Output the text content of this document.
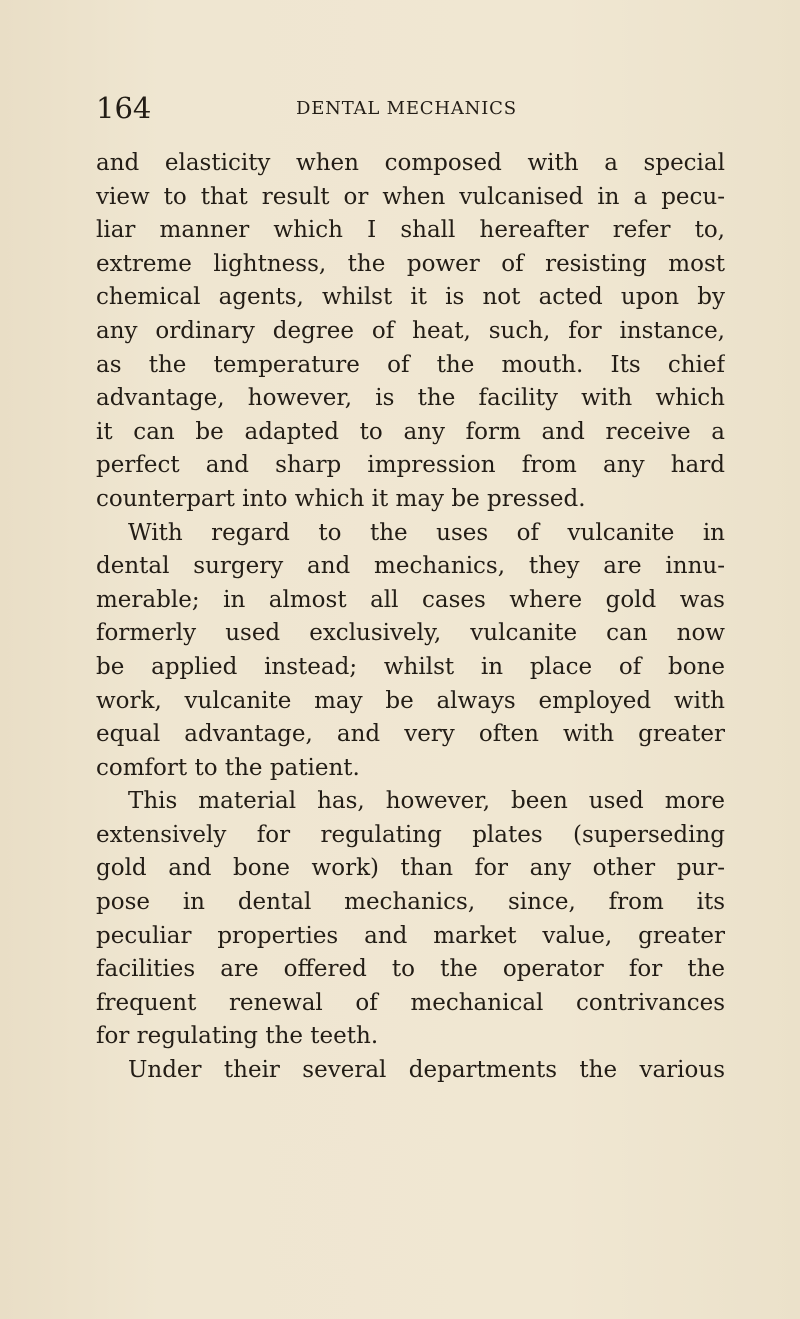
164	DENTAL MECHANICS
and elasticity when composed with a special
view to that result or when vulcanised in a pecu-
liar manner which I shall hereafter refer to,
extreme lightness, the power of resisting most
chemical agents, whilst it is not acted upon by
any ordinary degree of heat, such, for instance,
as the temperature of the mouth. Its chief
advantage, however, is the facility with which
it can be adapted to any form and receive a
perfect and sharp impression from any hard
counterpart into which it may be pressed.
With regard to the uses of vulcanite in
dental surgery and mechanics, they are innu-
merable; in almost all cases where gold was
formerly used exclusively, vulcanite can now
be applied instead; whilst in place of bone
work, vulcanite may be always employed with
equal advantage, and very often with greater
comfort to the patient.
This material has, however, been used more
extensively for regulating plates (superseding
gold and bone work) than for any other pur-
pose in dental mechanics, since, from its
peculiar properties and market value, greater
facilities are offered to the operator for the
frequent renewal of mechanical contrivances
for regulating the teeth.
Under their several departments the various
